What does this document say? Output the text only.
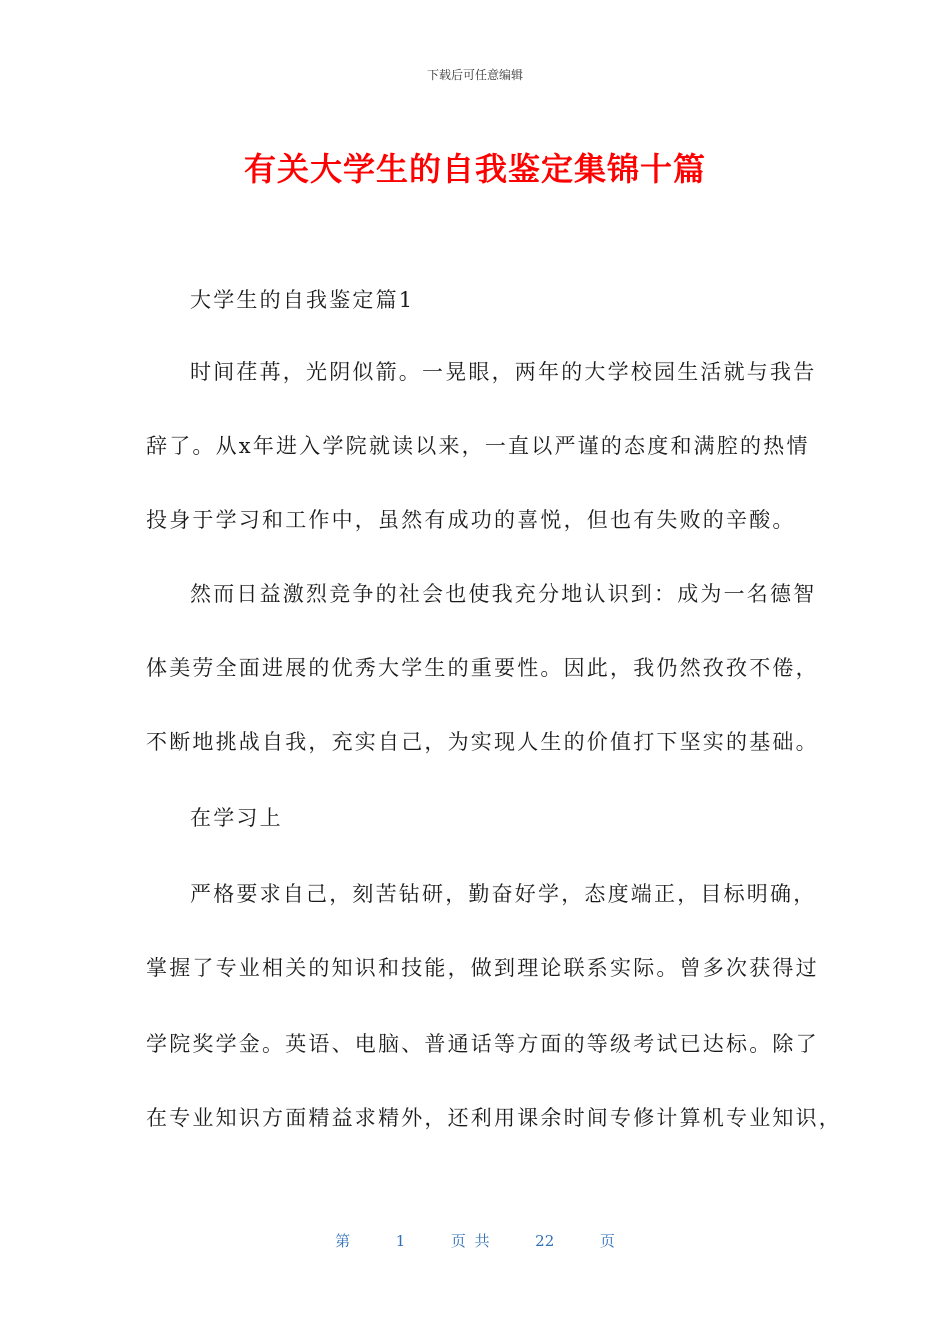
下载后可任意编辑
有关大学生的自我鉴定集锦十篇
大学生的自我鉴定篇1
时间荏苒，光阴似箭。一晃眼，两年的大学校园生活就与我告
辞了。从x年进入学院就读以来，一直以严谨的态度和满腔的热情
投身于学习和工作中，虽然有成功的喜悦，但也有失败的辛酸。
然而日益激烈竞争的社会也使我充分地认识到：成为一名德智
体美劳全面进展的优秀大学生的重要性。因此，我仍然孜孜不倦，
不断地挑战自我，充实自己，为实现人生的价值打下坚实的基础。
在学习上
严格要求自己，刻苦钻研，勤奋好学，态度端正，目标明确，
掌握了专业相关的知识和技能，做到理论联系实际。曾多次获得过
学院奖学金。英语、电脑、普通话等方面的等级考试已达标。除了
在专业知识方面精益求精外，还利用课余时间专修计算机专业知识，
第	1	页 共	22	页
